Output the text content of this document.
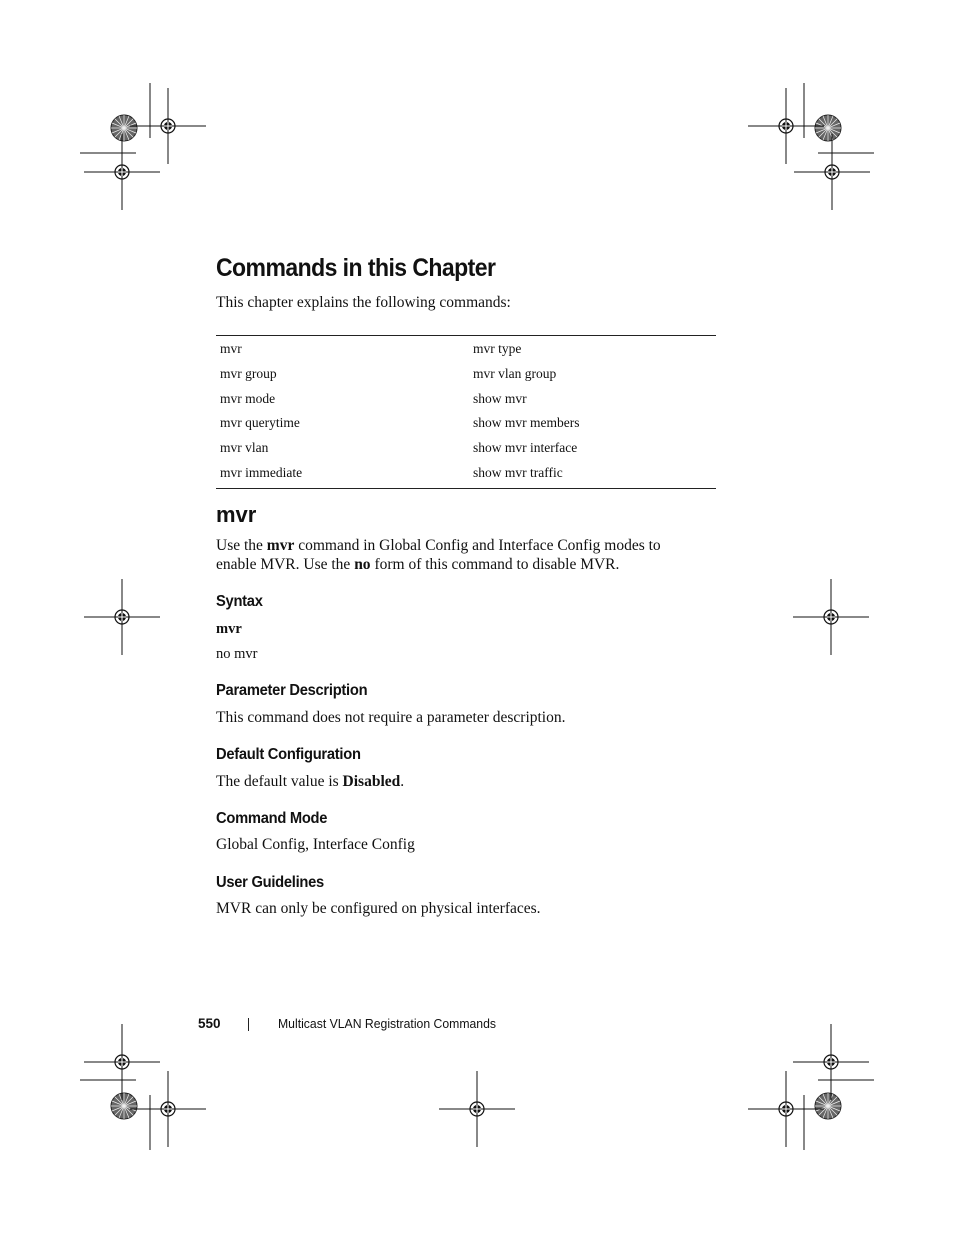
Commands in this Chapter

This chapter explains the following commands:

mvr	mvr type
mvr group	mvr vlan group
mvr mode	show mvr
mvr querytime	show mvr members
mvr vlan	show mvr interface
mvr immediate	show mvr traffic
mvr

Use the mvr command in Global Config and Interface Config modes to enable MVR. Use the no form of this command to disable MVR.

Syntax

mvr

no mvr

Parameter Description

This command does not require a parameter description.

Default Configuration

The default value is Disabled.

Command Mode

Global Config, Interface Config

User Guidelines

MVR can only be configured on physical interfaces.

550	Multicast VLAN Registration Commands
